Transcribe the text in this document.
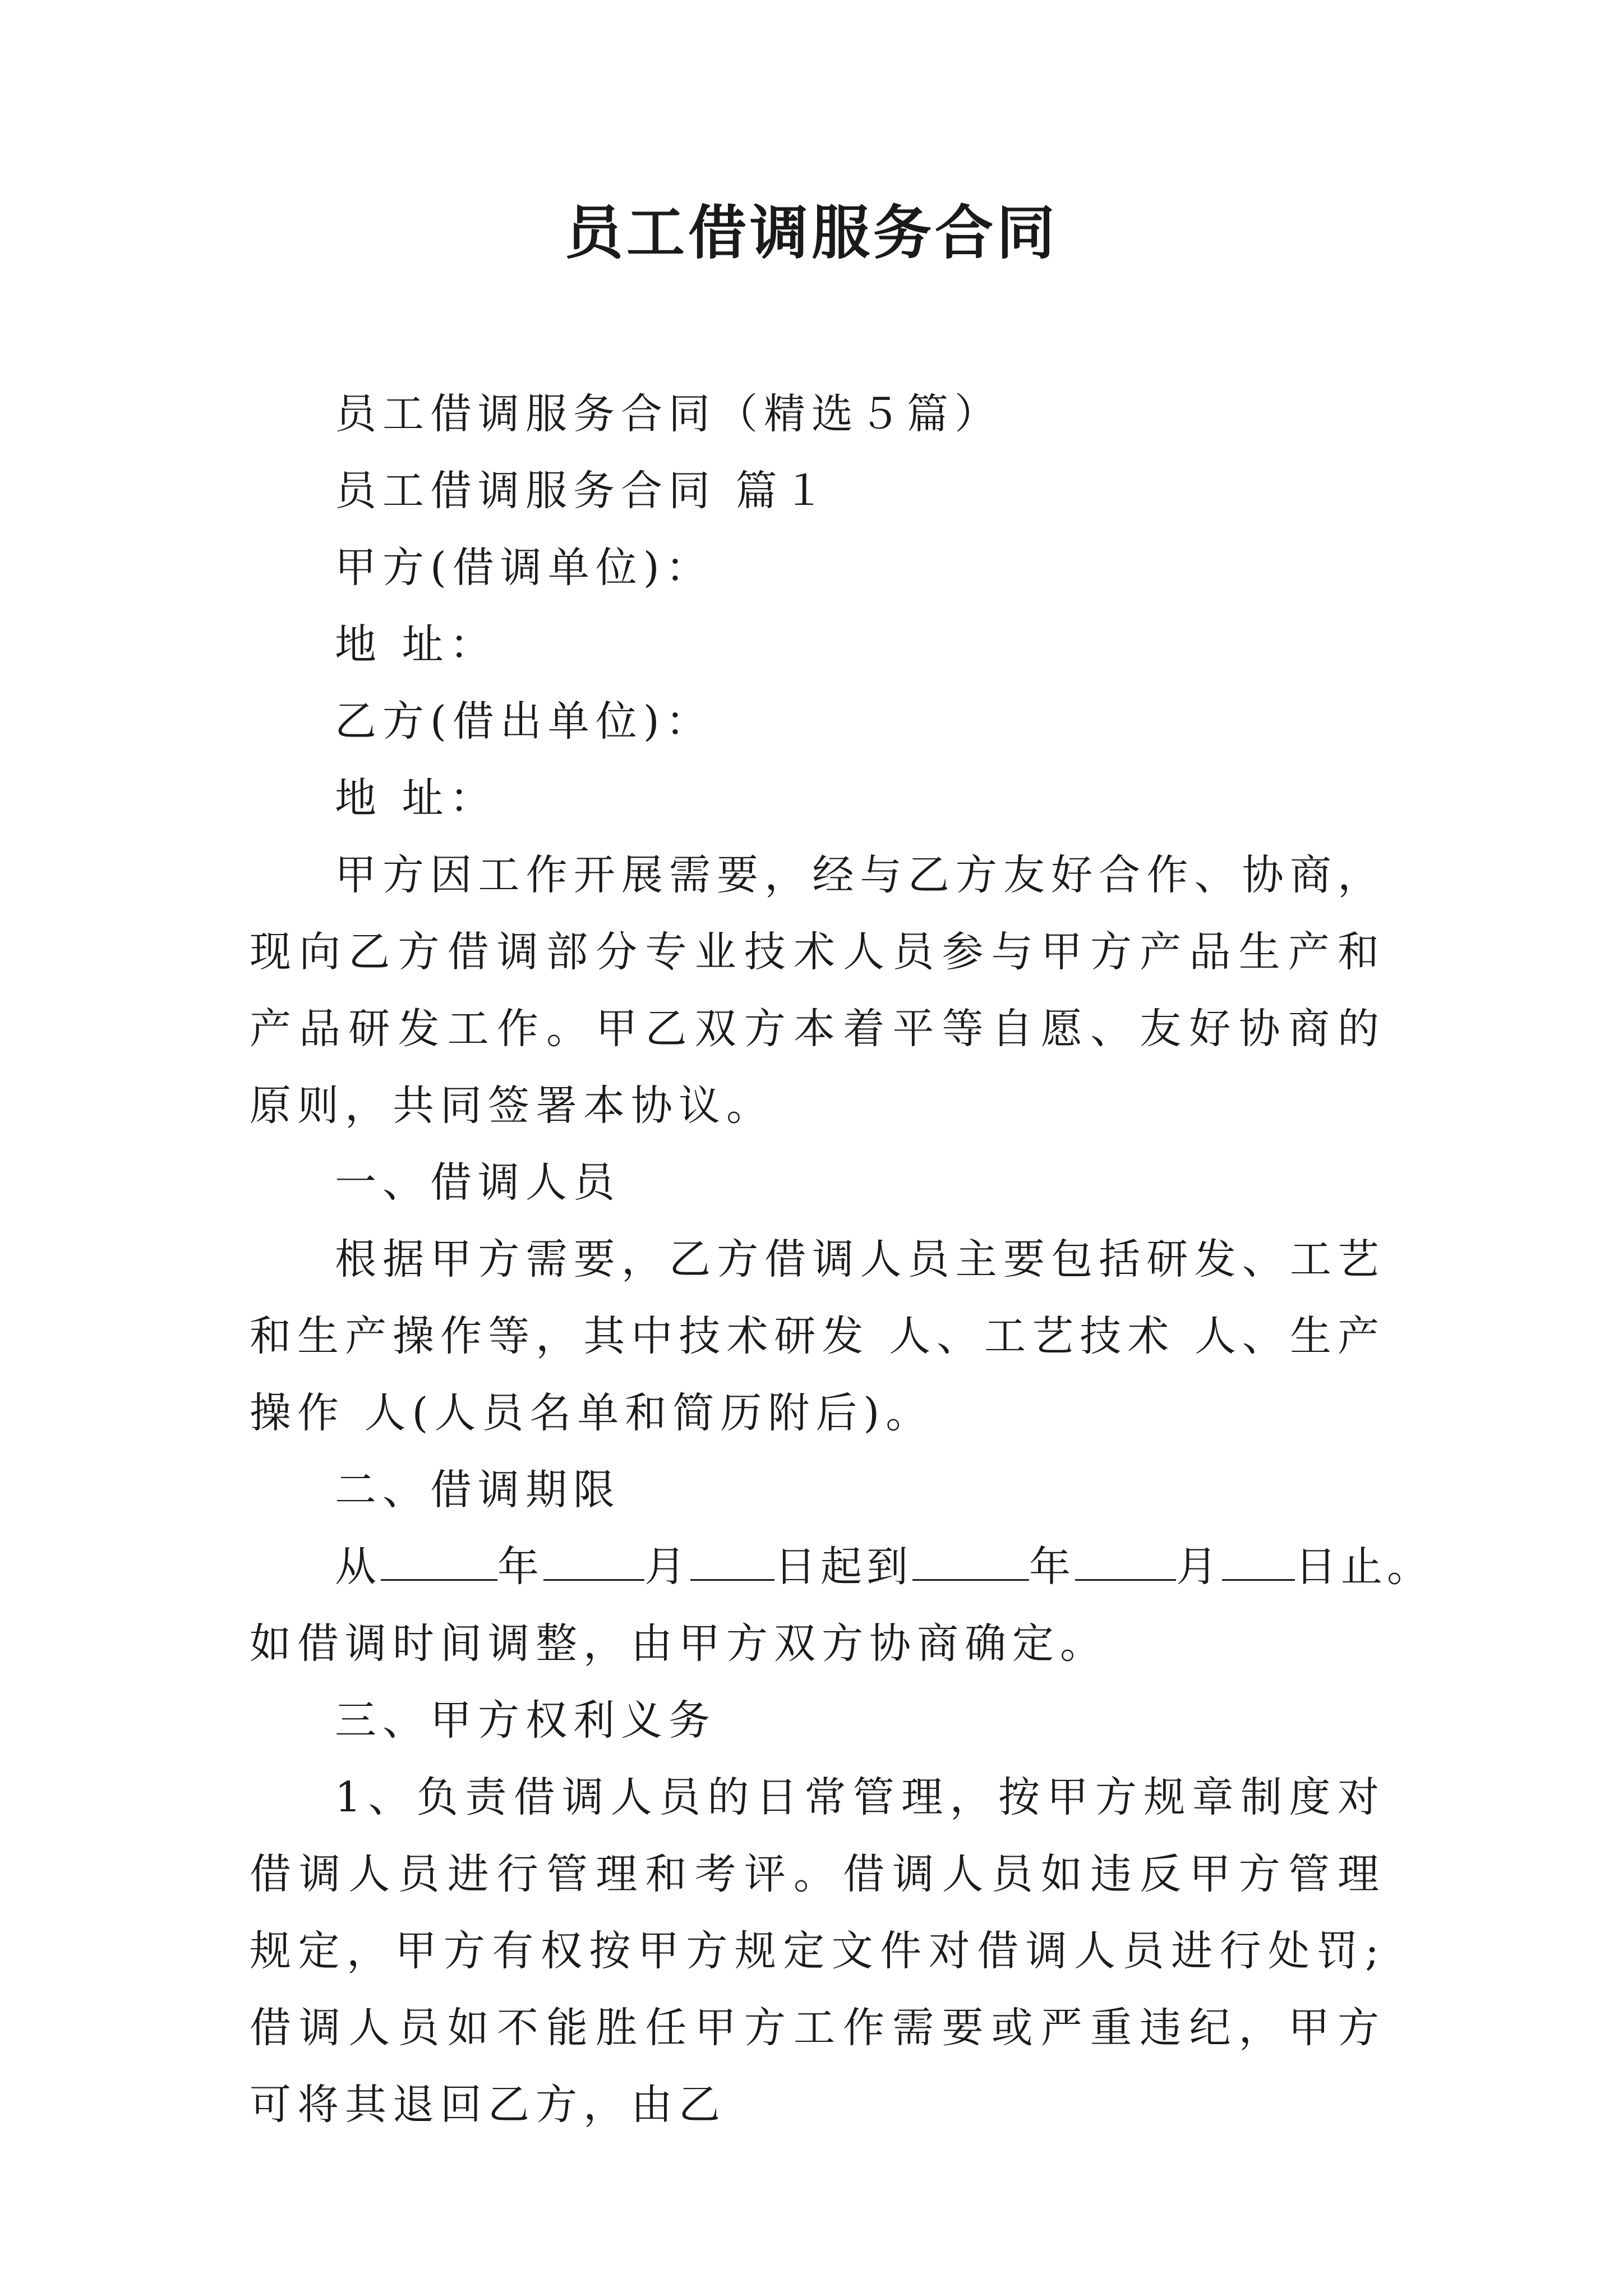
员工借调服务合同

员工借调服务合同（精选５篇）

员工借调服务合同 篇１

甲方(借调单位)：

地 址：

乙方(借出单位)：

地 址：

甲方因工作开展需要，经与乙方友好合作、协商，现向乙方借调部分专业技术人员参与甲方产品生产和产品研发工作。甲乙双方本着平等自愿、友好协商的原则，共同签署本协议。

一、借调人员

根据甲方需要，乙方借调人员主要包括研发、工艺和生产操作等，其中技术研发 人、工艺技术 人、生产操作 人(人员名单和简历附后)。

二、借调期限

从	年 月 日起到	年 月 日止。

如借调时间调整，由甲方双方协商确定。

三、甲方权利义务

1、负责借调人员的日常管理，按甲方规章制度对借调人员进行管理和考评。借调人员如违反甲方管理规定，甲方有权按甲方规定文件对借调人员进行处罚;借调人员如不能胜任甲方工作需要或严重违纪，甲方可将其退回乙方，由乙
